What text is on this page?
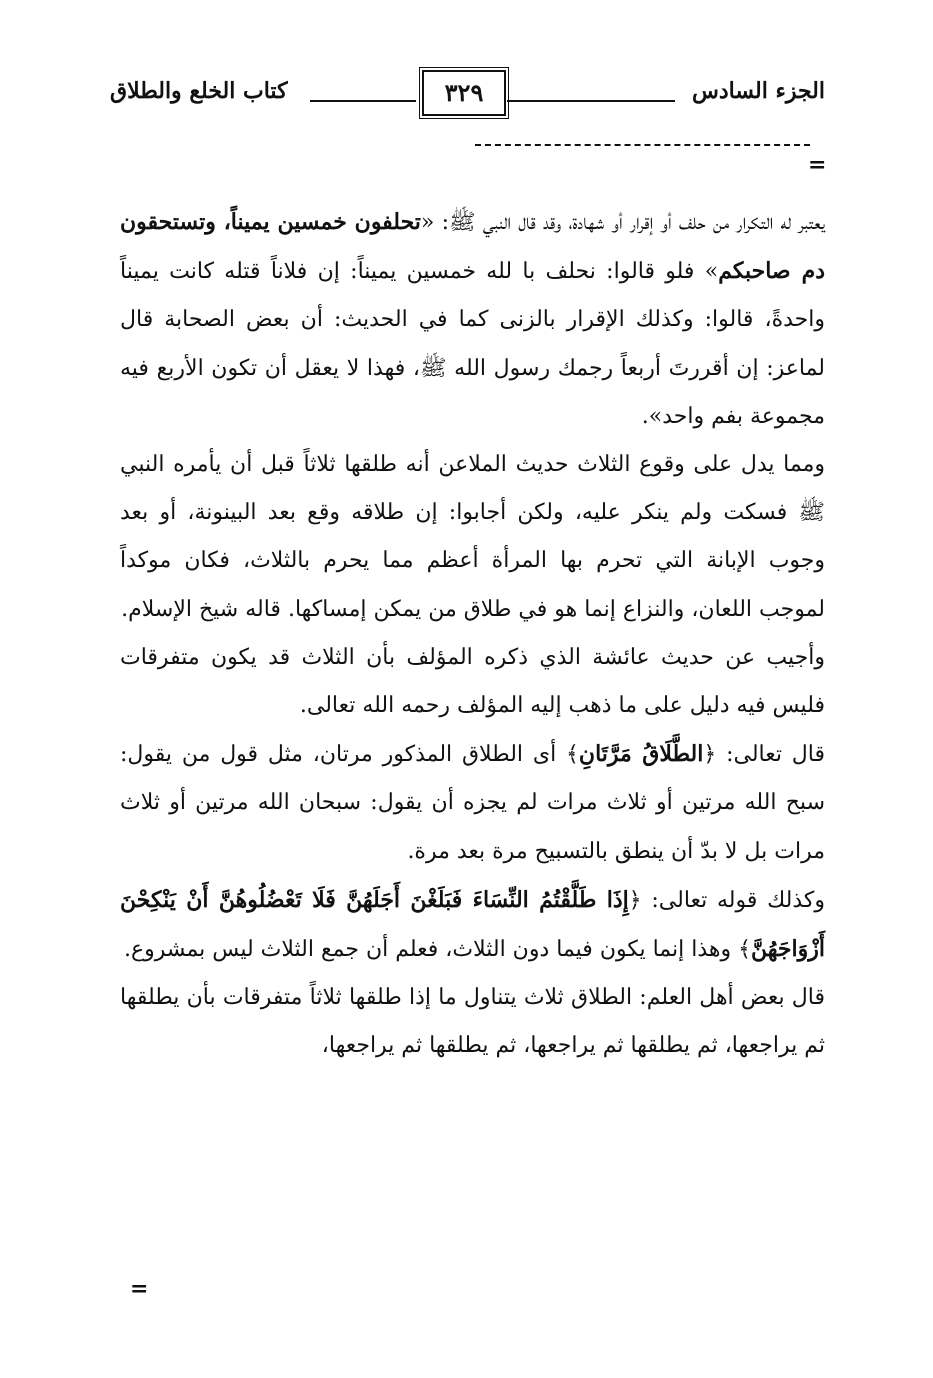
الجزء السادس
٣٢٩
كتاب الخلع والطلاق
=

يعتبر له التكرار من حلف أو إقرار أو شهادة، وقد قال النبي ﷺ: «تحلفون خمسين يميناً، وتستحقون دم صاحبكم» فلو قالوا: نحلف با لله خمسين يميناً: إن فلاناً قتله كانت يميناً واحدةً، قالوا: وكذلك الإقرار بالزنى كما في الحديث: أن بعض الصحابة قال لماعز: إن أقررتَ أربعاً رجمك رسول الله ﷺ، فهذا لا يعقل أن تكون الأربع فيه مجموعة بفم واحد».

ومما يدل على وقوع الثلاث حديث الملاعن أنه طلقها ثلاثاً قبل أن يأمره النبي ﷺ فسكت ولم ينكر عليه، ولكن أجابوا: إن طلاقه وقع بعد البينونة، أو بعد وجوب الإبانة التي تحرم بها المرأة أعظم مما يحرم بالثلاث، فكان موكداً لموجب اللعان، والنزاع إنما هو في طلاق من يمكن إمساكها. قاله شيخ الإسلام.

وأجيب عن حديث عائشة الذي ذكره المؤلف بأن الثلاث قد يكون متفرقات فليس فيه دليل على ما ذهب إليه المؤلف رحمه الله تعالى.

قال تعالى: ﴿الطَّلَاقُ مَرَّتَانِ﴾ أى الطلاق المذكور مرتان، مثل قول من يقول: سبح الله مرتين أو ثلاث مرات لم يجزه أن يقول: سبحان الله مرتين أو ثلاث مرات بل لا بدّ أن ينطق بالتسبيح مرة بعد مرة.

وكذلك قوله تعالى: ﴿إِذَا طَلَّقْتُمُ النِّسَاءَ فَبَلَغْنَ أَجَلَهُنَّ فَلَا تَعْضُلُوهُنَّ أَنْ يَنْكِحْنَ أَزْوَاجَهُنَّ﴾ وهذا إنما يكون فيما دون الثلاث، فعلم أن جمع الثلاث ليس بمشروع.

قال بعض أهل العلم: الطلاق ثلاث يتناول ما إذا طلقها ثلاثاً متفرقات بأن يطلقها ثم يراجعها، ثم يطلقها ثم يراجعها، ثم يطلقها ثم يراجعها،

=
